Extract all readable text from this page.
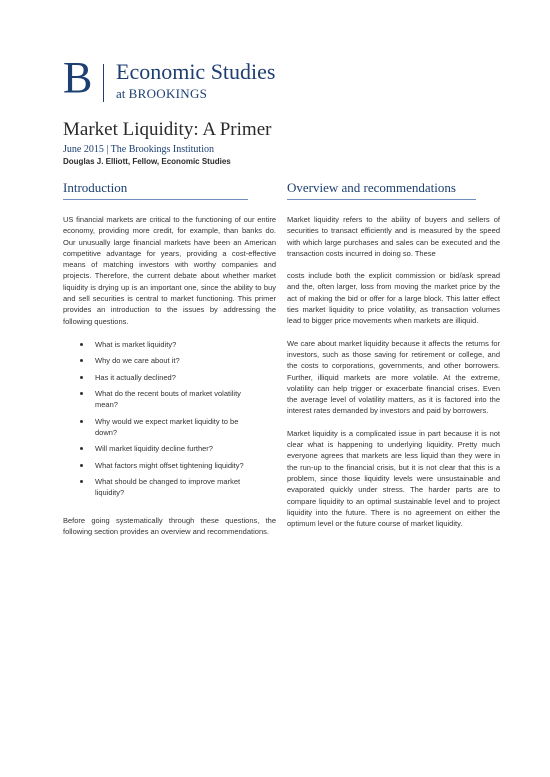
B Economic Studies
at BROOKINGS
Market Liquidity: A Primer
June 2015 | The Brookings Institution
Douglas J. Elliott, Fellow, Economic Studies
Introduction

US financial markets are critical to the functioning of our entire economy, providing more credit, for example, than banks do. Our unusually large financial markets have been an American competitive advantage for years, providing a cost-effective means of matching investors with worthy companies and projects. Therefore, the current debate about whether market liquidity is drying up is an important one, since the ability to buy and sell securities is central to market functioning. This primer provides an introduction to the issues by addressing the following questions.

What is market liquidity?
Why do we care about it?
Has it actually declined?
What do the recent bouts of market volatility mean?
Why would we expect market liquidity to be down?
Will market liquidity decline further?
What factors might offset tightening liquidity?
What should be changed to improve market liquidity?

Before going systematically through these questions, the following section provides an overview and recommendations.

Overview and recommendations

Market liquidity refers to the ability of buyers and sellers of securities to transact efficiently and is measured by the speed with which large purchases and sales can be executed and the transaction costs incurred in doing so. These

costs include both the explicit commission or bid/ask spread and the, often larger, loss from moving the market price by the act of making the bid or offer for a large block. This latter effect ties market liquidity to price volatility, as transaction volumes lead to bigger price movements when markets are illiquid.

We care about market liquidity because it affects the returns for investors, such as those saving for retirement or college, and the costs to corporations, governments, and other borrowers. Further, illiquid markets are more volatile. At the extreme, volatility can help trigger or exacerbate financial crises. Even the average level of volatility matters, as it is factored into the interest rates demanded by investors and paid by borrowers.

Market liquidity is a complicated issue in part because it is not clear what is happening to underlying liquidity. Pretty much everyone agrees that markets are less liquid than they were in the run-up to the financial crisis, but it is not clear that this is a problem, since those liquidity levels were unsustainable and evaporated quickly under stress. The harder parts are to compare liquidity to an optimal sustainable level and to project liquidity into the future. There is no agreement on either the optimum level or the future course of market liquidity.
